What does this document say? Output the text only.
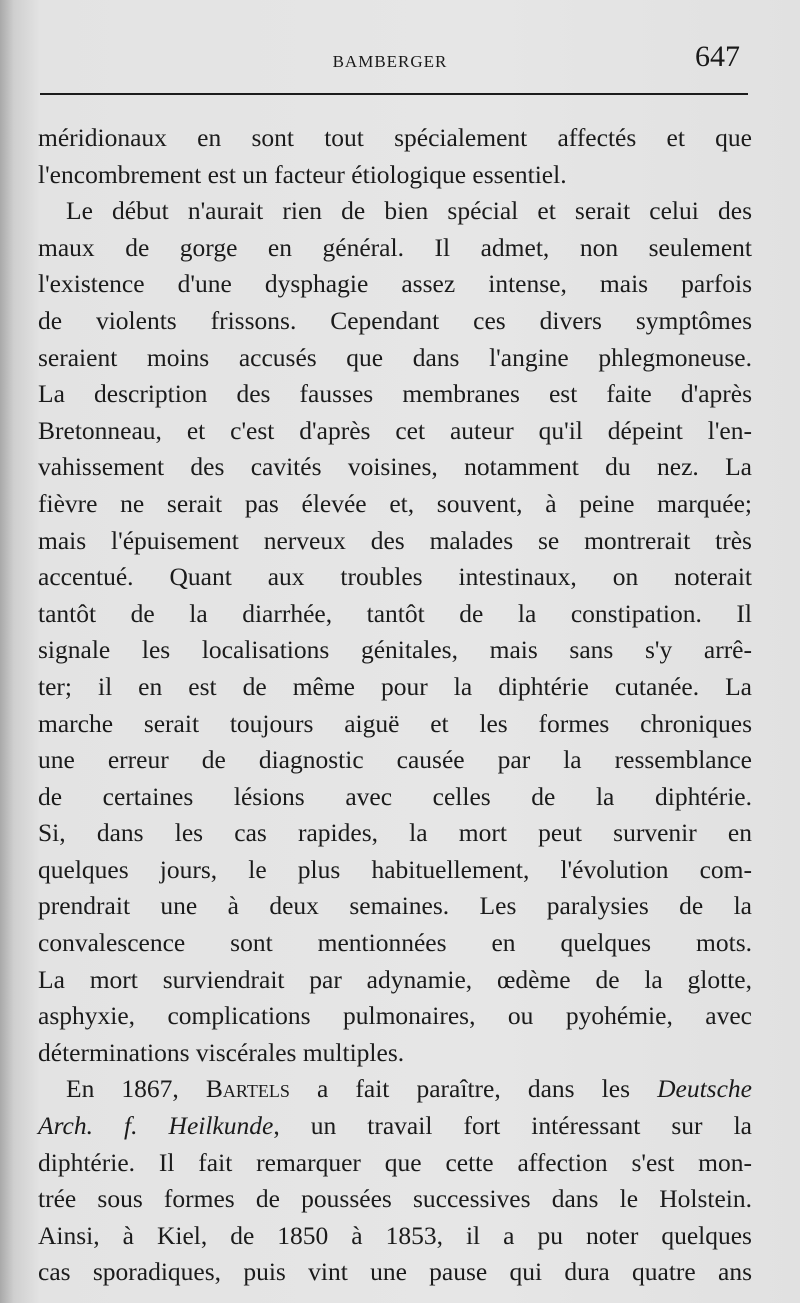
BAMBERGER	647
méridionaux en sont tout spécialement affectés et que
l'encombrement est un facteur étiologique essentiel.
Le début n'aurait rien de bien spécial et serait celui des
maux de gorge en général. Il admet, non seulement
l'existence d'une dysphagie assez intense, mais parfois
de violents frissons. Cependant ces divers symptômes
seraient moins accusés que dans l'angine phlegmoneuse.
La description des fausses membranes est faite d'après
Bretonneau, et c'est d'après cet auteur qu'il dépeint l'en-
vahissement des cavités voisines, notamment du nez. La
fièvre ne serait pas élevée et, souvent, à peine marquée;
mais l'épuisement nerveux des malades se montrerait très
accentué. Quant aux troubles intestinaux, on noterait
tantôt de la diarrhée, tantôt de la constipation. Il
signale les localisations génitales, mais sans s'y arrê-
ter; il en est de même pour la diphtérie cutanée. La
marche serait toujours aiguë et les formes chroniques
une erreur de diagnostic causée par la ressemblance
de certaines lésions avec celles de la diphtérie.
Si, dans les cas rapides, la mort peut survenir en
quelques jours, le plus habituellement, l'évolution com-
prendrait une à deux semaines. Les paralysies de la
convalescence sont mentionnées en quelques mots.
La mort surviendrait par adynamie, œdème de la glotte,
asphyxie, complications pulmonaires, ou pyohémie, avec
déterminations viscérales multiples.
En 1867, Bartels a fait paraître, dans les Deutsche
Arch. f. Heilkunde, un travail fort intéressant sur la
diphtérie. Il fait remarquer que cette affection s'est mon-
trée sous formes de poussées successives dans le Holstein.
Ainsi, à Kiel, de 1850 à 1853, il a pu noter quelques
cas sporadiques, puis vint une pause qui dura quatre ans
